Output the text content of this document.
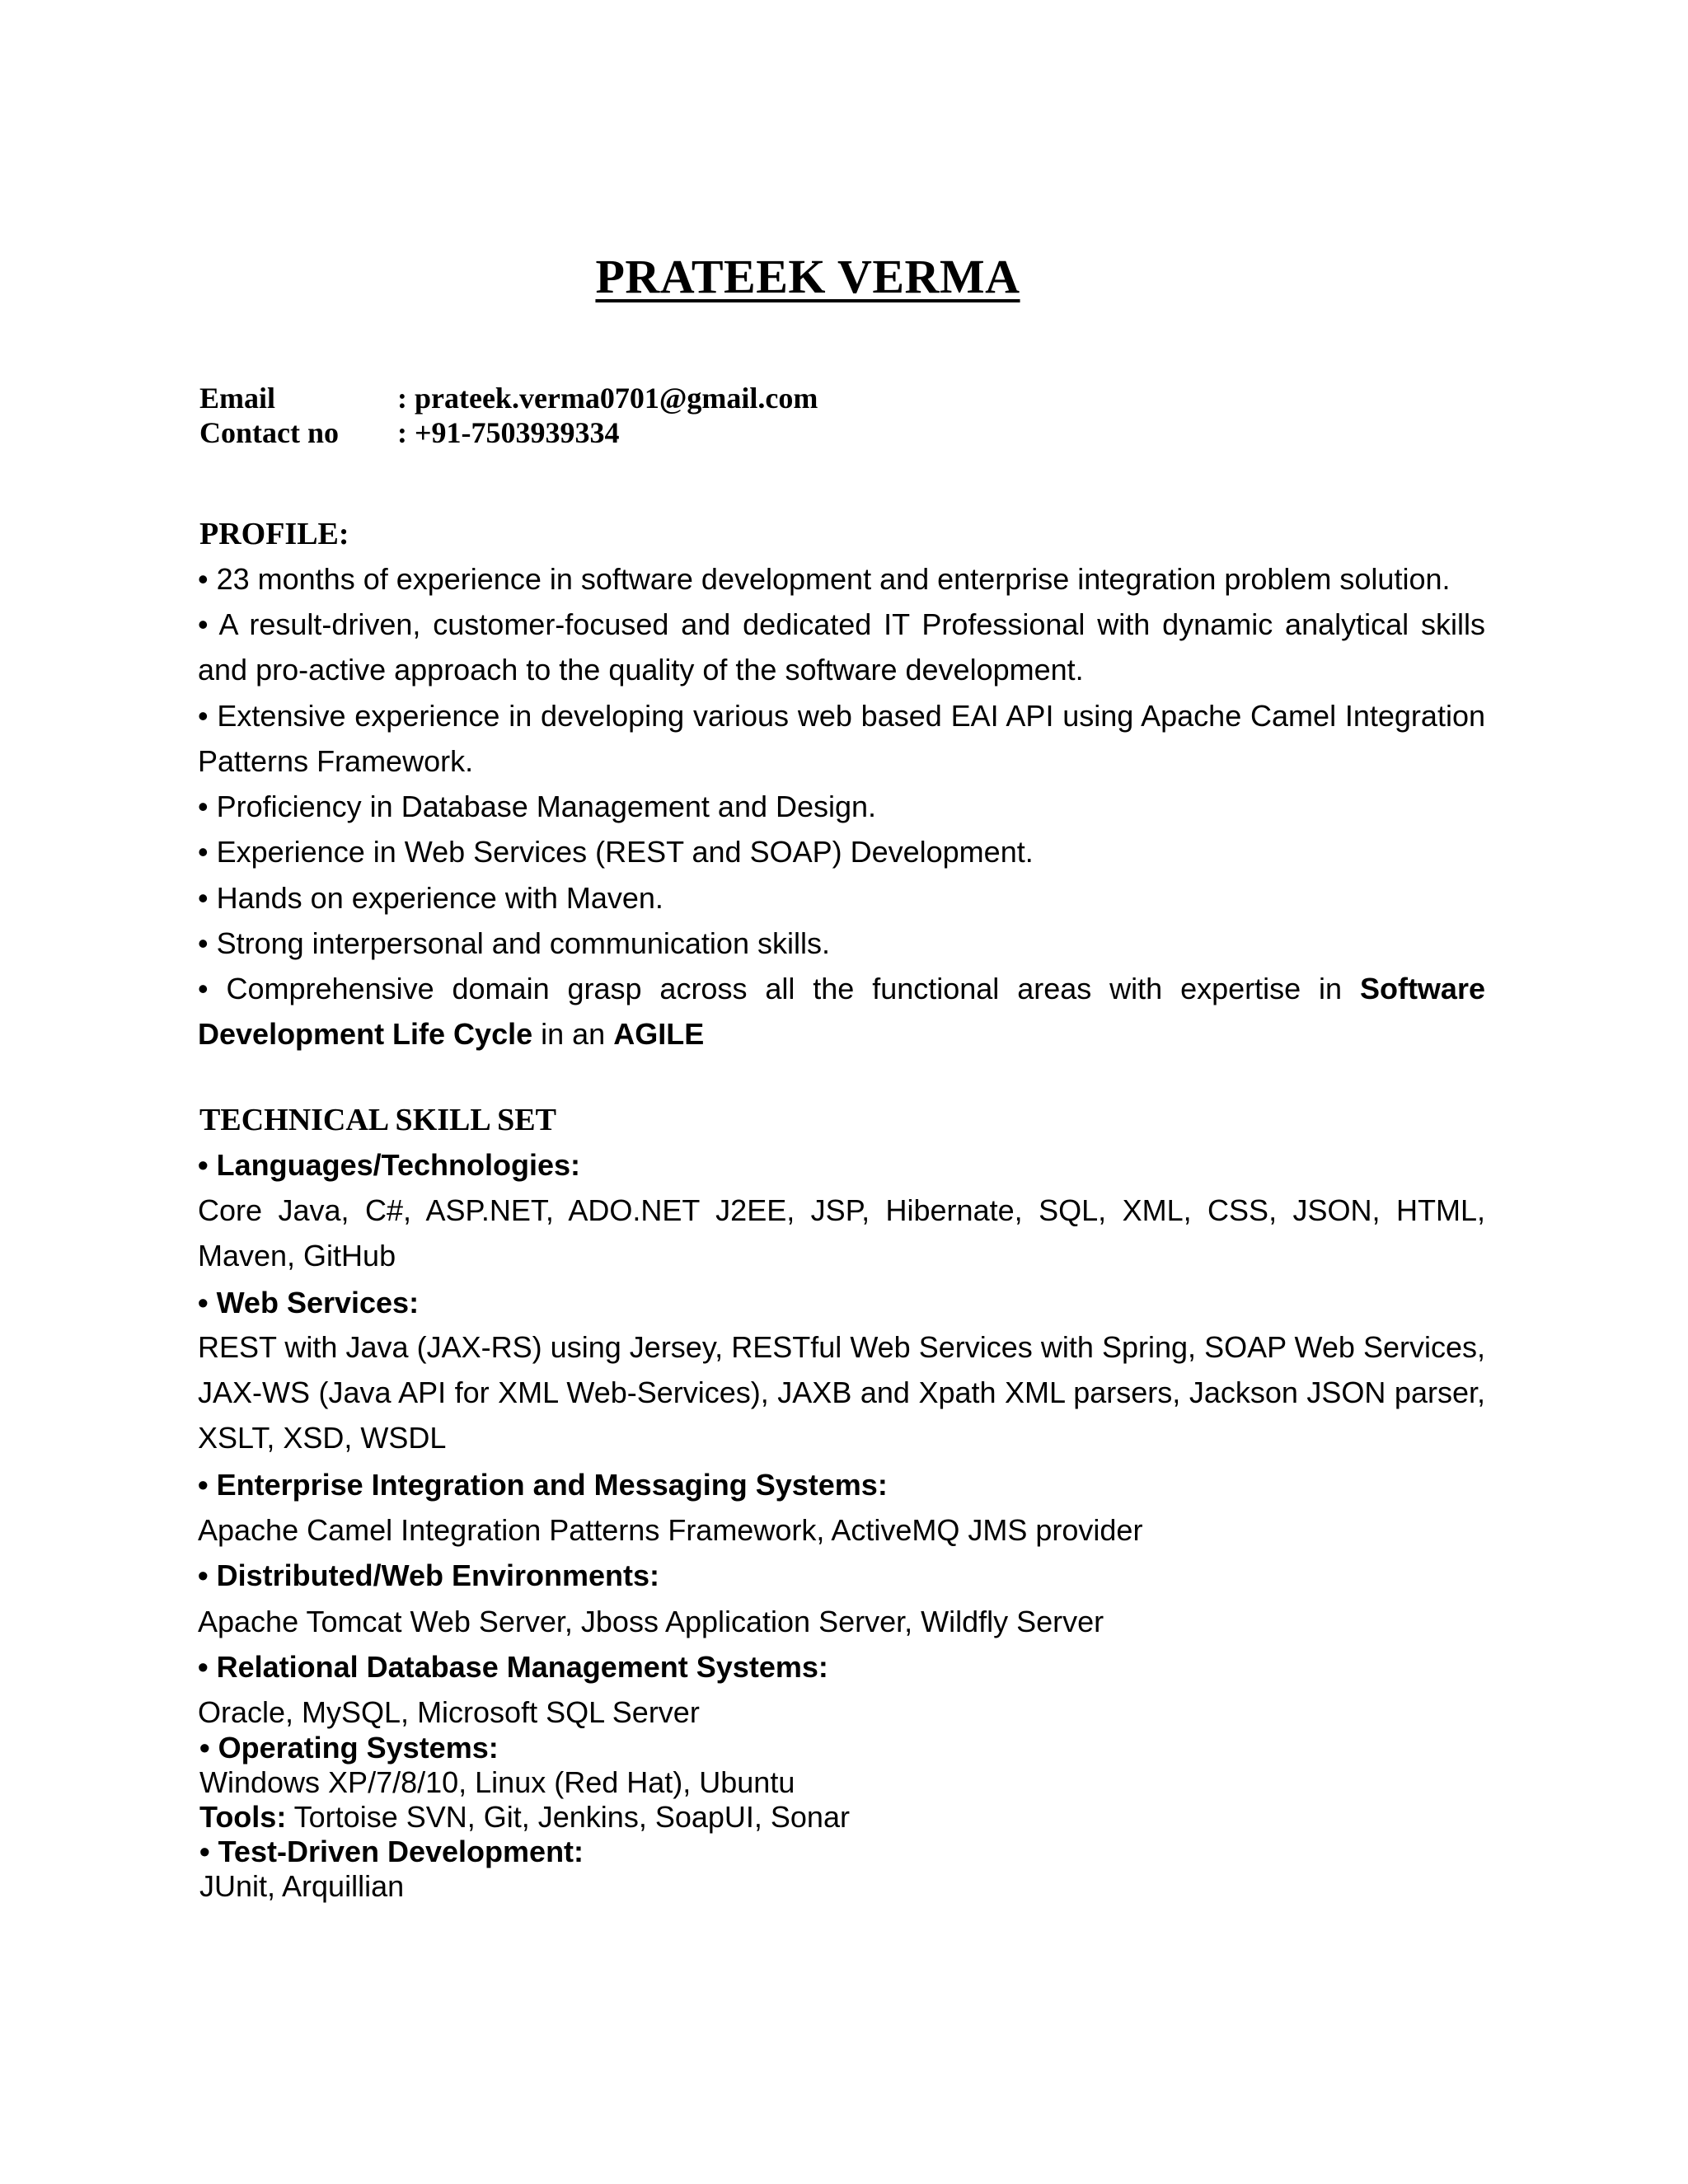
PRATEEK VERMA
Email	: prateek.verma0701@gmail.com
Contact no : +91-7503939334
PROFILE:
• 23 months of experience in software development and enterprise integration problem solution.
• A result-driven, customer-focused and dedicated IT Professional with dynamic analytical skills and pro-active approach to the quality of the software development.
• Extensive experience in developing various web based EAI API using Apache Camel Integration Patterns Framework.
• Proficiency in Database Management and Design.
• Experience in Web Services (REST and SOAP) Development.
• Hands on experience with Maven.
• Strong interpersonal and communication skills.
• Comprehensive domain grasp across all the functional areas with expertise in Software Development Life Cycle in an AGILE
TECHNICAL SKILL SET
• Languages/Technologies:
Core Java, C#, ASP.NET, ADO.NET J2EE, JSP, Hibernate, SQL, XML, CSS, JSON, HTML, Maven, GitHub
• Web Services:
REST with Java (JAX-RS) using Jersey, RESTful Web Services with Spring, SOAP Web Services, JAX-WS (Java API for XML Web-Services), JAXB and Xpath XML parsers, Jackson JSON parser, XSLT, XSD, WSDL
• Enterprise Integration and Messaging Systems:
Apache Camel Integration Patterns Framework, ActiveMQ JMS provider
• Distributed/Web Environments:
Apache Tomcat Web Server, Jboss Application Server, Wildfly Server
• Relational Database Management Systems:
Oracle, MySQL, Microsoft SQL Server
• Operating Systems:
Windows XP/7/8/10, Linux (Red Hat), Ubuntu
Tools: Tortoise SVN, Git, Jenkins, SoapUI, Sonar
• Test-Driven Development:
JUnit, Arquillian
